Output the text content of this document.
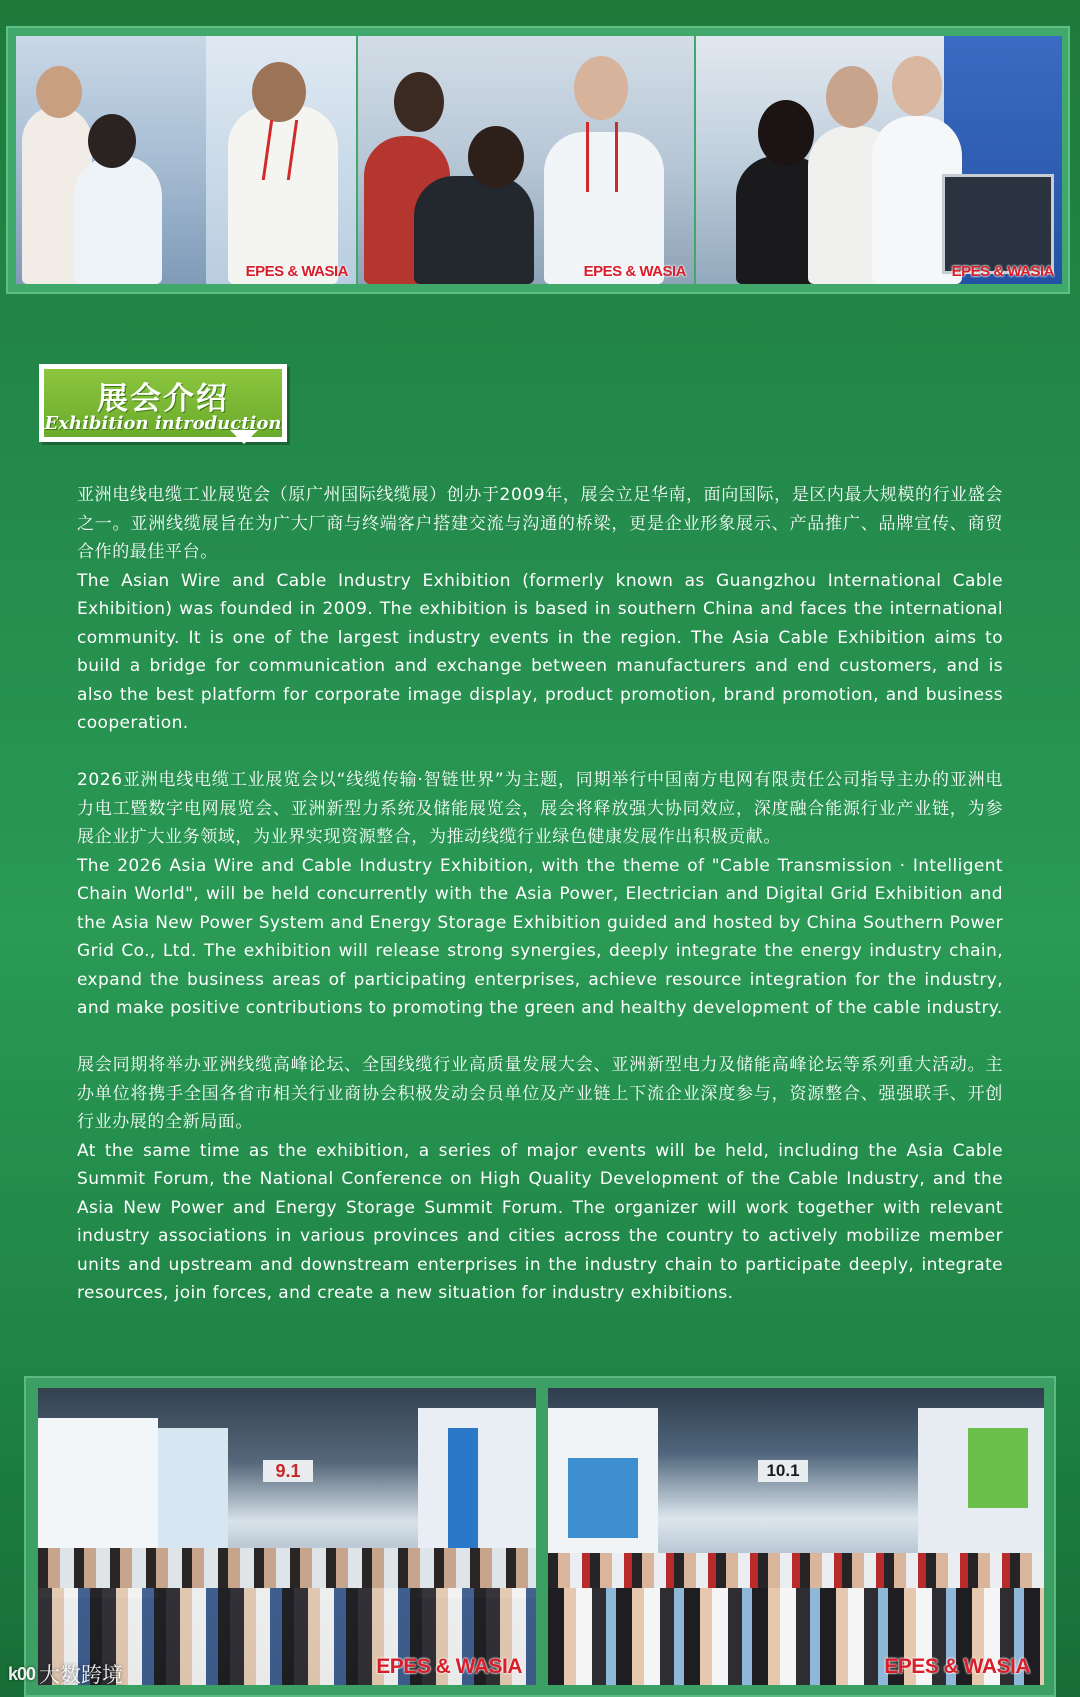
EPES & WASIA	EPES & WASIA	EPES & WASIA
展会介绍
Exhibition introduction

亚洲电线电缆工业展览会（原广州国际线缆展）创办于2009年，展会立足华南，面向国际，是区内最大规模的行业盛会之一。亚洲线缆展旨在为广大厂商与终端客户搭建交流与沟通的桥梁，更是企业形象展示、产品推广、品牌宣传、商贸合作的最佳平台。

The Asian Wire and Cable Industry Exhibition (formerly known as Guangzhou International Cable Exhibition) was founded in 2009. The exhibition is based in southern China and faces the international community. It is one of the largest industry events in the region. The Asia Cable Exhibition aims to build a bridge for communication and exchange between manufacturers and end customers, and is also the best platform for corporate image display, product promotion, brand promotion, and business cooperation.

2026亚洲电线电缆工业展览会以“线缆传输·智链世界”为主题，同期举行中国南方电网有限责任公司指导主办的亚洲电力电工暨数字电网展览会、亚洲新型力系统及储能展览会，展会将释放强大协同效应，深度融合能源行业产业链，为参展企业扩大业务领域，为业界实现资源整合，为推动线缆行业绿色健康发展作出积极贡献。

The 2026 Asia Wire and Cable Industry Exhibition, with the theme of "Cable Transmission · Intelligent Chain World", will be held concurrently with the Asia Power, Electrician and Digital Grid Exhibition and the Asia New Power System and Energy Storage Exhibition guided and hosted by China Southern Power Grid Co., Ltd. The exhibition will release strong synergies, deeply integrate the energy industry chain, expand the business areas of participating enterprises, achieve resource integration for the industry, and make positive contributions to promoting the green and healthy development of the cable industry.

展会同期将举办亚洲线缆高峰论坛、全国线缆行业高质量发展大会、亚洲新型电力及储能高峰论坛等系列重大活动。主办单位将携手全国各省市相关行业商协会积极发动会员单位及产业链上下流企业深度参与，资源整合、强强联手、开创行业办展的全新局面。

At the same time as the exhibition, a series of major events will be held, including the Asia Cable Summit Forum, the National Conference on High Quality Development of the Cable Industry, and the Asia New Power and Energy Storage Summit Forum. The organizer will work together with relevant industry associations in various provinces and cities across the country to actively mobilize member units and upstream and downstream enterprises in the industry chain to participate deeply, integrate resources, join forces, and create a new situation for industry exhibitions.

9.1
EPES & WASIA
10.1
EPES & WASIA
k00 大数跨境
